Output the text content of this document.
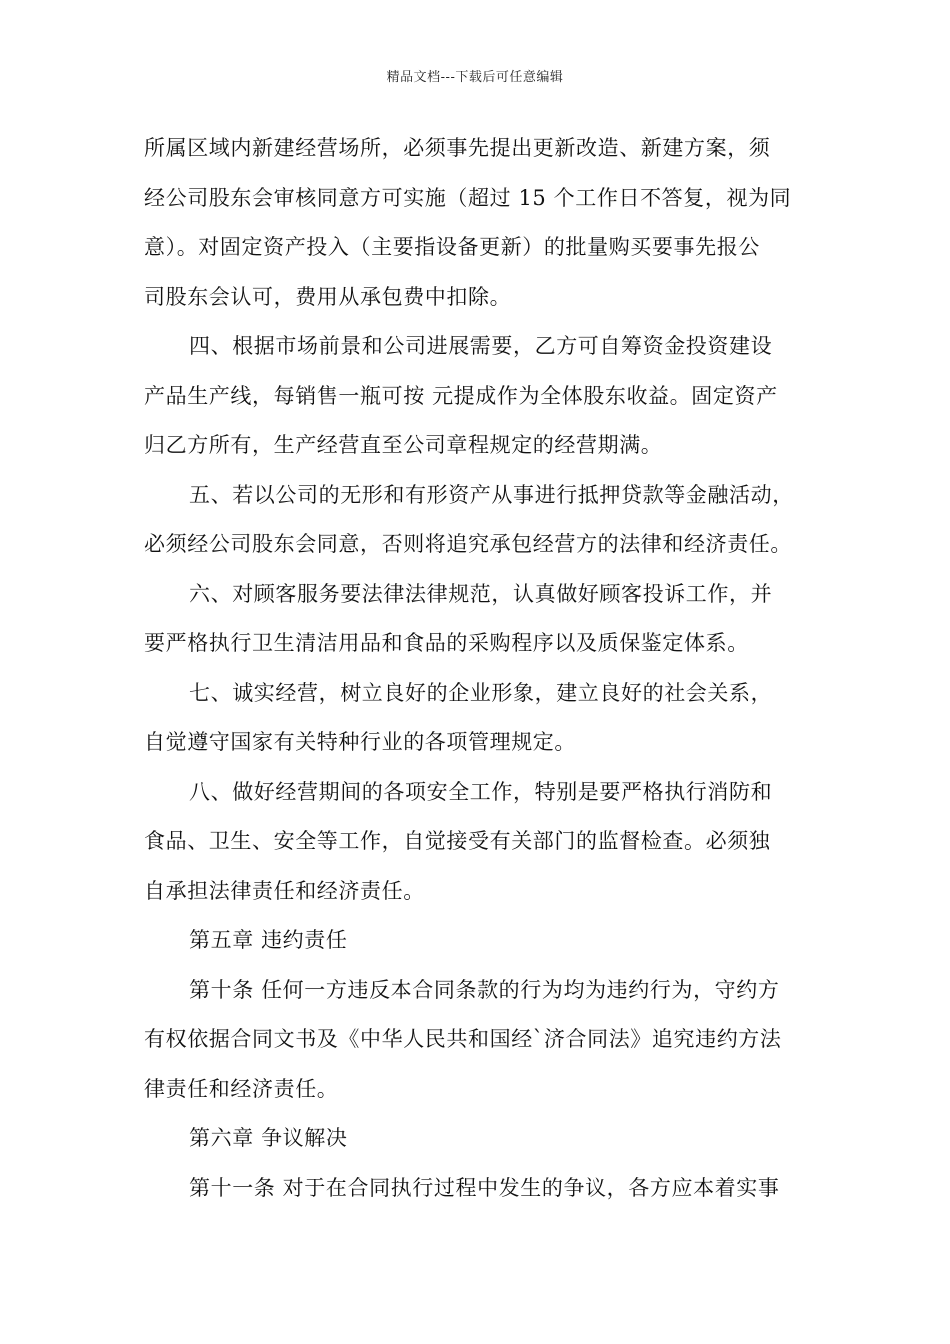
精品文档---下载后可任意编辑
所属区域内新建经营场所，必须事先提出更新改造、新建方案，须
经公司股东会审核同意方可实施（超过 15 个工作日不答复，视为同
意）。对固定资产投入（主要指设备更新）的批量购买要事先报公
司股东会认可，费用从承包费中扣除。
四、根据市场前景和公司进展需要，乙方可自筹资金投资建设
产品生产线，每销售一瓶可按 元提成作为全体股东收益。固定资产
归乙方所有，生产经营直至公司章程规定的经营期满。
五、若以公司的无形和有形资产从事进行抵押贷款等金融活动，
必须经公司股东会同意，否则将追究承包经营方的法律和经济责任。
六、对顾客服务要法律法律规范，认真做好顾客投诉工作，并
要严格执行卫生清洁用品和食品的采购程序以及质保鉴定体系。
七、诚实经营，树立良好的企业形象，建立良好的社会关系，
自觉遵守国家有关特种行业的各项管理规定。
八、做好经营期间的各项安全工作，特别是要严格执行消防和
食品、卫生、安全等工作，自觉接受有关部门的监督检查。必须独
自承担法律责任和经济责任。
第五章 违约责任
第十条 任何一方违反本合同条款的行为均为违约行为，守约方
有权依据合同文书及《中华人民共和国经`济合同法》追究违约方法
律责任和经济责任。
第六章 争议解决
第十一条 对于在合同执行过程中发生的争议，各方应本着实事
